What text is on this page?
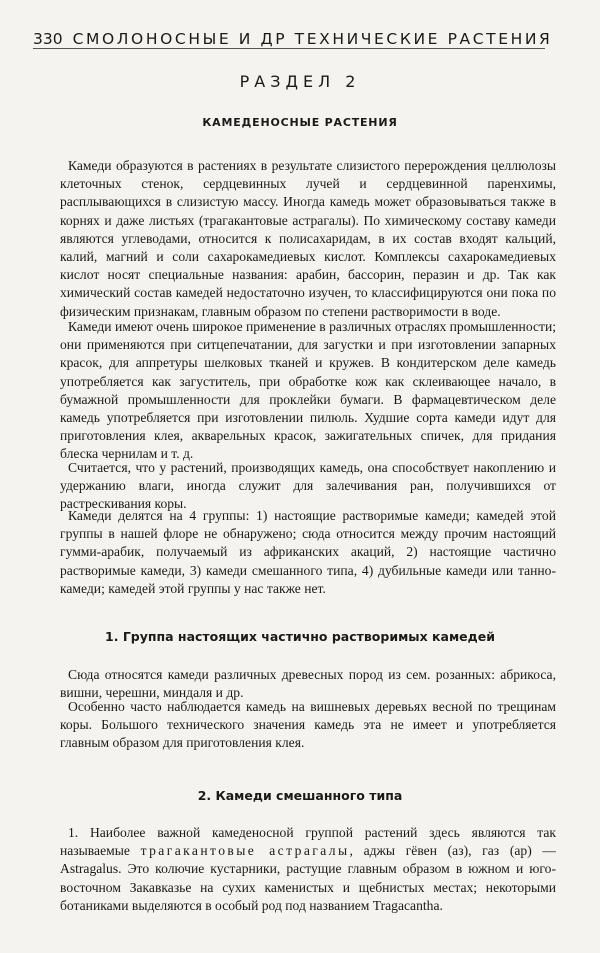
330 СМОЛОНОСНЫЕ И ДР ТЕХНИЧЕСКИЕ РАСТЕНИЯ
РАЗДЕЛ 2
КАМЕДЕНОСНЫЕ РАСТЕНИЯ
Камеди образуются в растениях в результате слизистого перерождения целлюлозы клеточных стенок, сердцевинных лучей и сердцевинной паренхимы, расплывающихся в слизистую массу. Иногда камедь может образовываться также в корнях и даже листьях (трагакантовые астрагалы). По химическому составу камеди являются углеводами, относится к полисахаридам, в их состав входят кальций, калий, магний и соли сахарокамедиевых кислот. Комплексы сахарокамедиевых кислот носят специальные названия: арабин, бассорин, перазин и др. Так как химический состав камедей недостаточно изучен, то классифицируются они пока по физическим признакам, главным образом по степени растворимости в воде.
Камеди имеют очень широкое применение в различных отраслях промышленности; они применяются при ситцепечатании, для загустки и при изготовлении запарных красок, для аппретуры шелковых тканей и кружев. В кондитерском деле камедь употребляется как загуститель, при обработке кож как склеивающее начало, в бумажной промышленности для проклейки бумаги. В фармацевтическом деле камедь употребляется при изготовлении пилюль. Худшие сорта камеди идут для приготовления клея, акварельных красок, зажигательных спичек, для придания блеска чернилам и т. д.
Считается, что у растений, производящих камедь, она способствует накоплению и удержанию влаги, иногда служит для залечивания ран, получившихся от растрескивания коры.
Камеди делятся на 4 группы: 1) настоящие растворимые камеди; камедей этой группы в нашей флоре не обнаружено; сюда относится между прочим настоящий гумми-арабик, получаемый из африканских акаций, 2) настоящие частично растворимые камеди, 3) камеди смешанного типа, 4) дубильные камеди или танно-камеди; камедей этой группы у нас также нет.
1. Группа настоящих частично растворимых камедей
Сюда относятся камеди различных древесных пород из сем. розанных: абрикоса, вишни, черешни, миндаля и др.
Особенно часто наблюдается камедь на вишневых деревьях весной по трещинам коры. Большого технического значения камедь эта не имеет и употребляется главным образом для приготовления клея.
2. Камеди смешанного типа
1. Наиболее важной камеденосной группой растений здесь являются так называемые трагакантовые астрагалы, аджы гёвен (аз), газ (ар) — Astragalus. Это колючие кустарники, растущие главным образом в южном и юго-восточном Закавказье на сухих каменистых и щебнистых местах; некоторыми ботаниками выделяются в особый род под названием Tragacantha.
